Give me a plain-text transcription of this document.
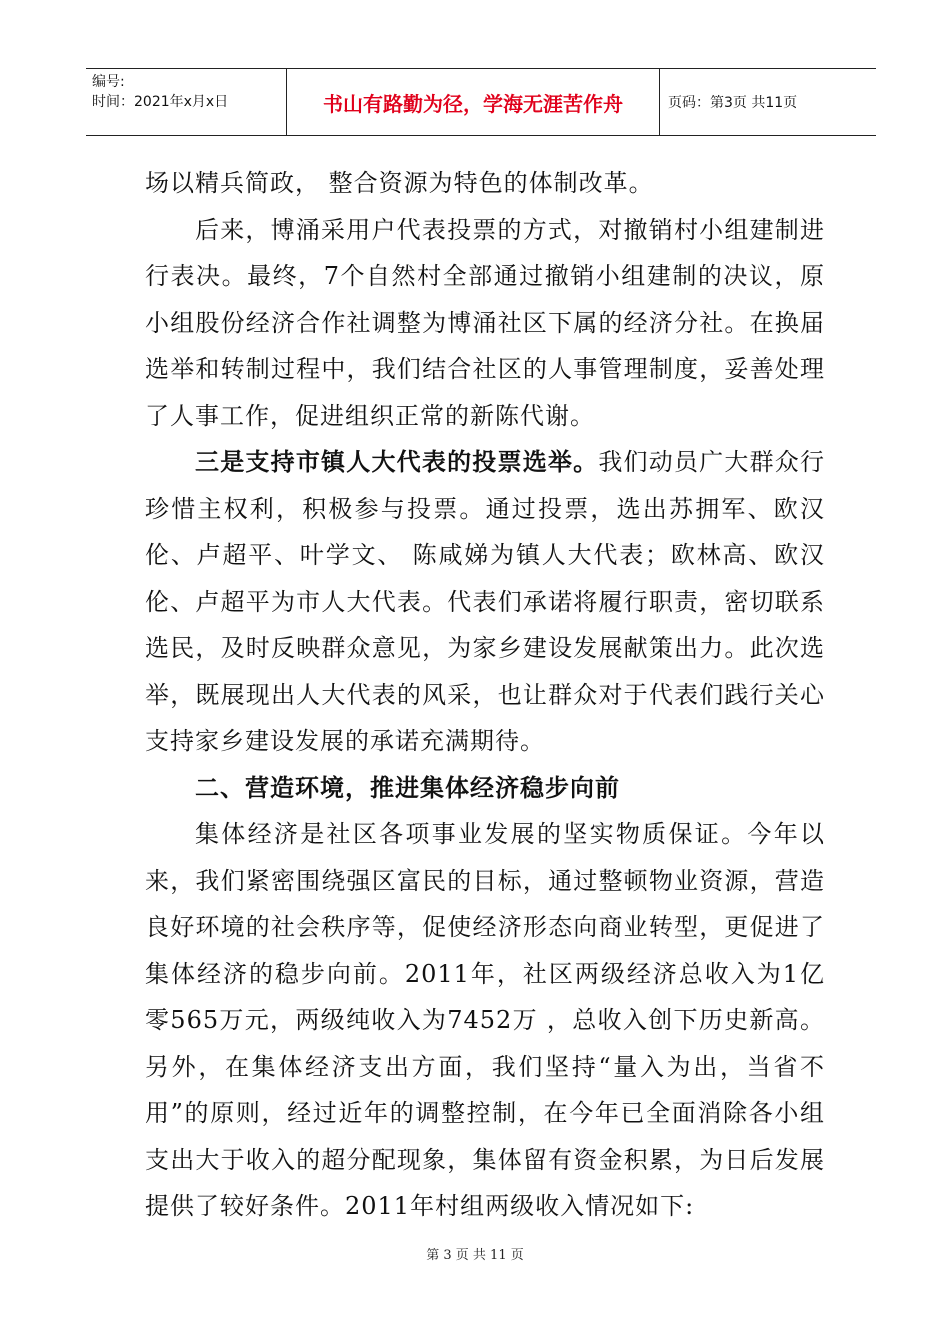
编号:
时间：2021年x月x日	书山有路勤为径，学海无涯苦作舟	页码：第3页 共11页

场以精兵简政， 整合资源为特色的体制改革。

后来，博涌采用户代表投票的方式，对撤销村小组建制进行表决。最终，7个自然村全部通过撤销小组建制的决议，原小组股份经济合作社调整为博涌社区下属的经济分社。在换届选举和转制过程中，我们结合社区的人事管理制度，妥善处理了人事工作，促进组织正常的新陈代谢。

三是支持市镇人大代表的投票选举。我们动员广大群众行珍惜主权利，积极参与投票。通过投票，选出苏拥军、欧汉伦、卢超平、叶学文、 陈咸娣为镇人大代表；欧林高、欧汉伦、卢超平为市人大代表。代表们承诺将履行职责，密切联系选民，及时反映群众意见，为家乡建设发展献策出力。此次选举，既展现出人大代表的风采，也让群众对于代表们践行关心支持家乡建设发展的承诺充满期待。

二、营造环境，推进集体经济稳步向前

集体经济是社区各项事业发展的坚实物质保证。今年以来，我们紧密围绕强区富民的目标，通过整顿物业资源，营造良好环境的社会秩序等，促使经济形态向商业转型，更促进了集体经济的稳步向前。2011年，社区两级经济总收入为1亿零565万元，两级纯收入为7452万 ，总收入创下历史新高。另外，在集体经济支出方面，我们坚持“量入为出，当省不用”的原则，经过近年的调整控制，在今年已全面消除各小组支出大于收入的超分配现象，集体留有资金积累，为日后发展提供了较好条件。2011年村组两级收入情况如下:

第 3 页 共 11 页
